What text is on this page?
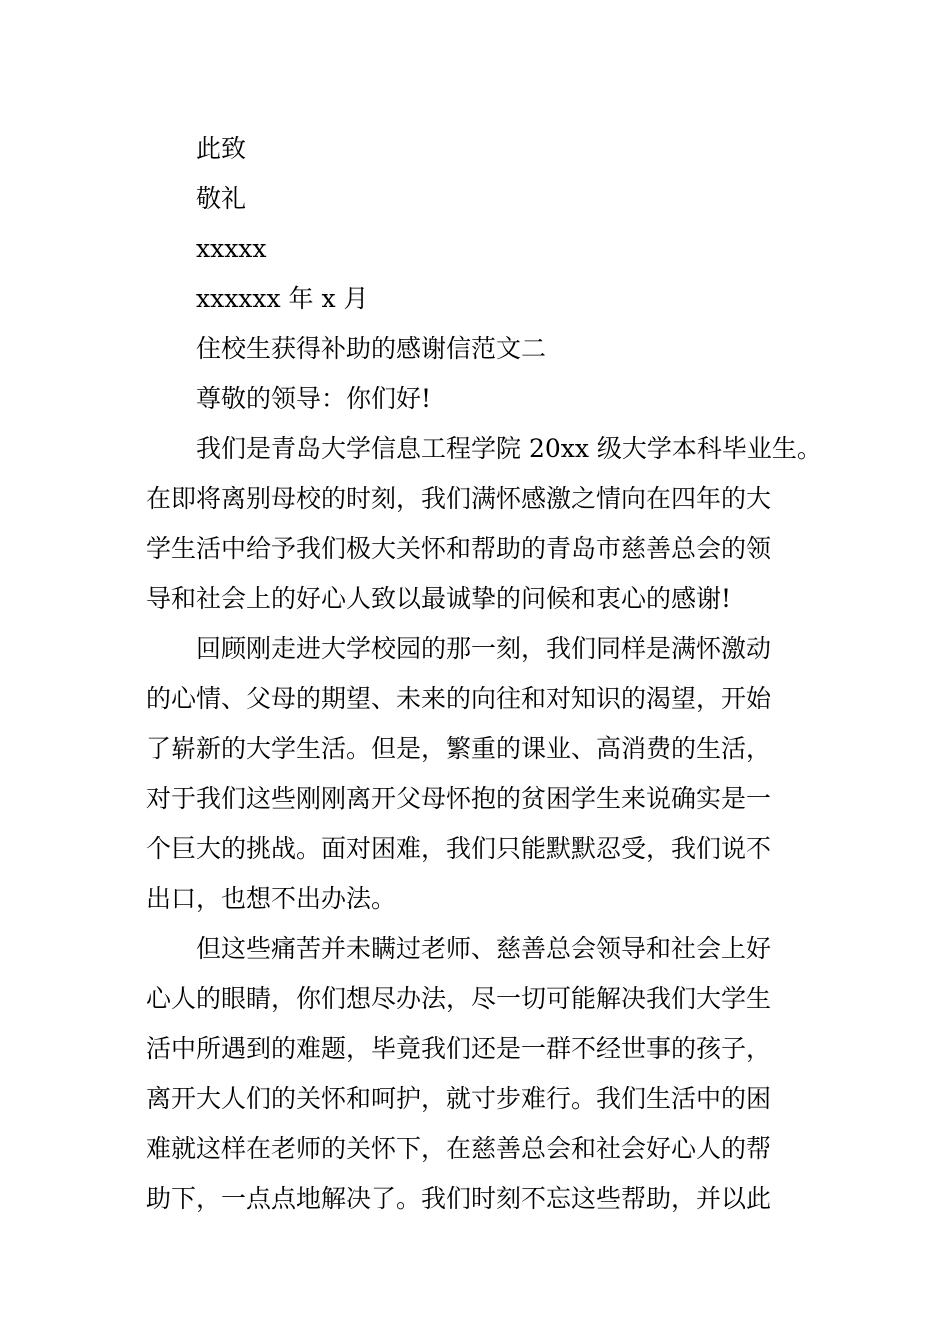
此致
敬礼
xxxxx
xxxxxx 年 x 月
住校生获得补助的感谢信范文二
尊敬的领导：你们好!
我们是青岛大学信息工程学院 20xx 级大学本科毕业生。
在即将离别母校的时刻，我们满怀感激之情向在四年的大
学生活中给予我们极大关怀和帮助的青岛市慈善总会的领
导和社会上的好心人致以最诚挚的问候和衷心的感谢!
回顾刚走进大学校园的那一刻，我们同样是满怀激动
的心情、父母的期望、未来的向往和对知识的渴望，开始
了崭新的大学生活。但是，繁重的课业、高消费的生活，
对于我们这些刚刚离开父母怀抱的贫困学生来说确实是一
个巨大的挑战。面对困难，我们只能默默忍受，我们说不
出口，也想不出办法。
但这些痛苦并未瞒过老师、慈善总会领导和社会上好
心人的眼睛，你们想尽办法，尽一切可能解决我们大学生
活中所遇到的难题，毕竟我们还是一群不经世事的孩子，
离开大人们的关怀和呵护，就寸步难行。我们生活中的困
难就这样在老师的关怀下，在慈善总会和社会好心人的帮
助下，一点点地解决了。我们时刻不忘这些帮助，并以此
